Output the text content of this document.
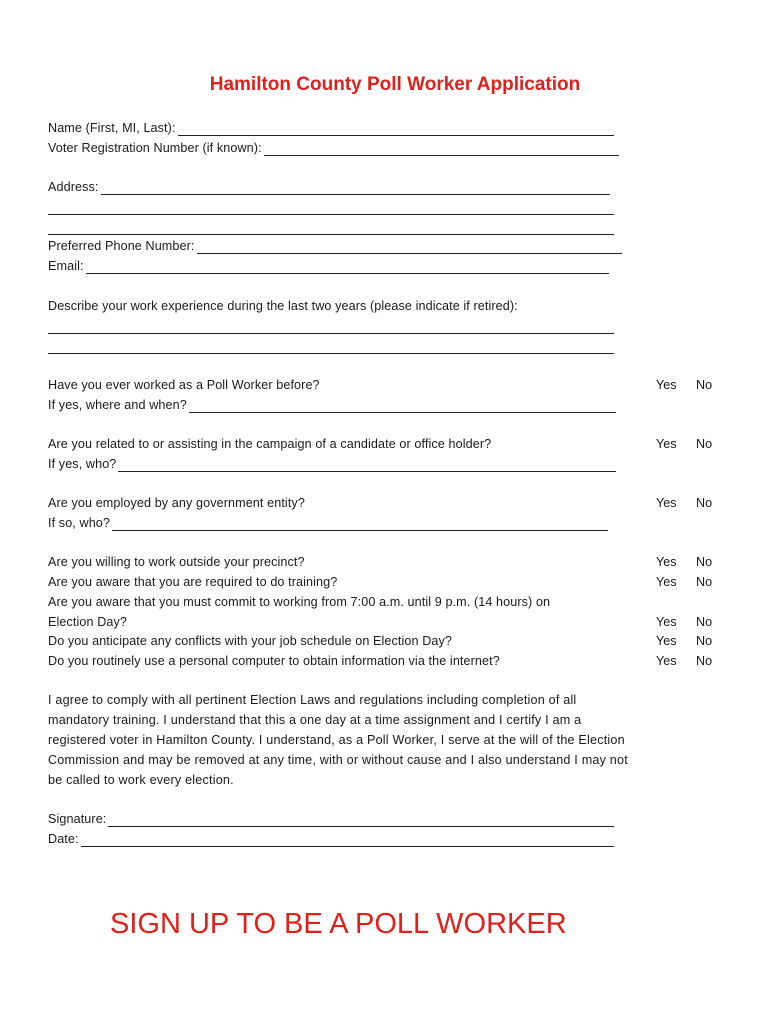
Hamilton County Poll Worker Application
Name (First, MI, Last):
Voter Registration Number (if known):
Address:
Preferred Phone Number:
Email:
Describe your work experience during the last two years (please indicate if retired):
Have you ever worked as a Poll Worker before?	Yes No
If yes, where and when?
Are you related to or assisting in the campaign of a candidate or office holder?	Yes No
If yes, who?
Are you employed by any government entity?	Yes No
If so, who?
Are you willing to work outside your precinct?	Yes No
Are you aware that you are required to do training?	Yes No
Are you aware that you must commit to working from 7:00 a.m. until 9 p.m. (14 hours) on
Election Day?	Yes No
Do you anticipate any conflicts with your job schedule on Election Day?	Yes No
Do you routinely use a personal computer to obtain information via the internet?	Yes No
I agree to comply with all pertinent Election Laws and regulations including completion of all mandatory training. I understand that this a one day at a time assignment and I certify I am a registered voter in Hamilton County. I understand, as a Poll Worker, I serve at the will of the Election Commission and may be removed at any time, with or without cause and I also understand I may not be called to work every election.
Signature:
Date:
SIGN UP TO BE A POLL WORKER
